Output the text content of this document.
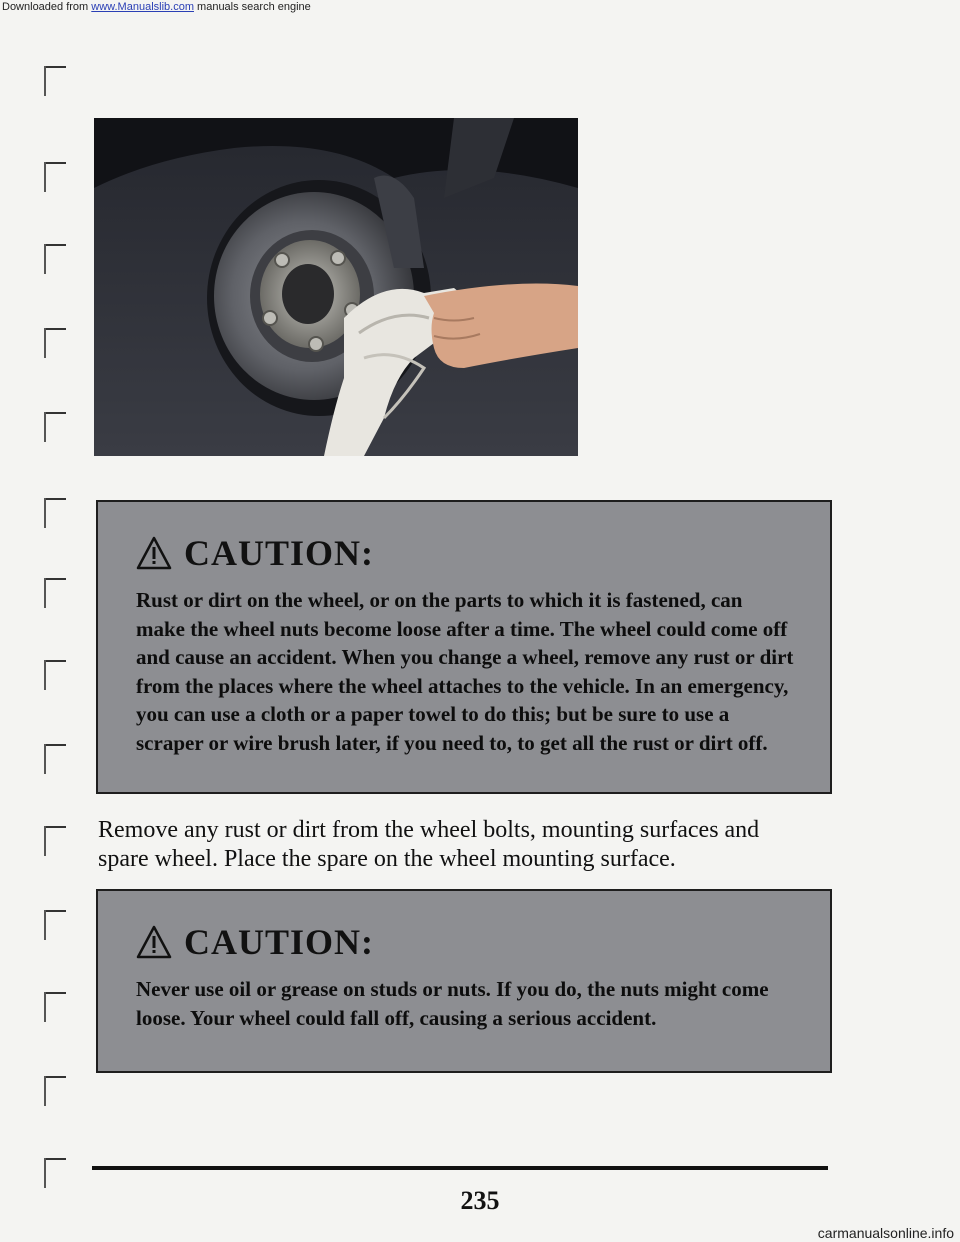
Downloaded from www.Manualslib.com manuals search engine
CAUTION:
Rust or dirt on the wheel, or on the parts to which it is fastened, can make the wheel nuts become loose after a time. The wheel could come off and cause an accident. When you change a wheel, remove any rust or dirt from the places where the wheel attaches to the vehicle. In an emergency, you can use a cloth or a paper towel to do this; but be sure to use a scraper or wire brush later, if you need to, to get all the rust or dirt off.
Remove any rust or dirt from the wheel bolts, mounting surfaces and spare wheel. Place the spare on the wheel mounting surface.
CAUTION:
Never use oil or grease on studs or nuts. If you do, the nuts might come loose. Your wheel could fall off, causing a serious accident.
235
carmanualsonline.info
